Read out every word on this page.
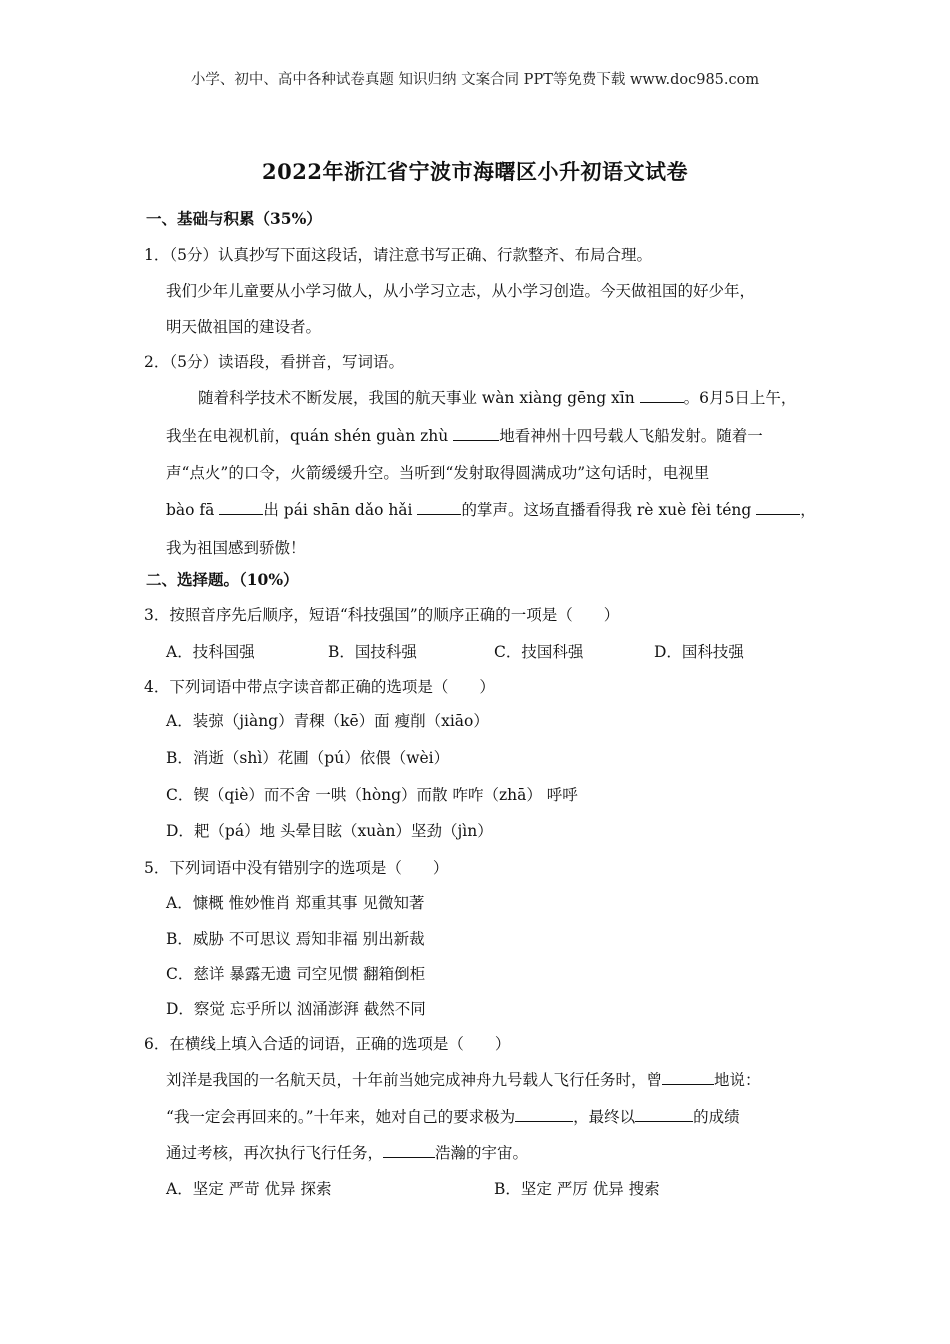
小学、初中、高中各种试卷真题 知识归纳 文案合同 PPT等免费下载 www.doc985.com
2022年浙江省宁波市海曙区小升初语文试卷
一、基础与积累（35%）
1．（5分）认真抄写下面这段话，请注意书写正确、行款整齐、布局合理。
我们少年儿童要从小学习做人，从小学习立志，从小学习创造。今天做祖国的好少年，
明天做祖国的建设者。
2．（5分）读语段，看拼音，写词语。
随着科学技术不断发展，我国的航天事业 wàn xiàng gēng xīn	。6月5日上午，
我坐在电视机前，quán shén guàn zhù	地看神州十四号载人飞船发射。随着一
声“点火”的口令，火箭缓缓升空。当听到“发射取得圆满成功”这句话时，电视里
bào fā	出 pái shān dǎo hǎi	的掌声。这场直播看得我 rè xuè fèi téng	，
我为祖国感到骄傲！
二、选择题。（10%）
3．按照音序先后顺序，短语“科技强国”的顺序正确的一项是（　　）
A．技科国强	B．国技科强	C．技国科强	D．国科技强
4．下列词语中带点字读音都正确的选项是（　　）
A．装弶（jiàng）青稞（kē）面 瘦削（xiāo）
B．消逝（shì）花圃（pú）依偎（wèi）
C．锲（qiè）而不舍 一哄（hòng）而散 咋咋（zhā） 呼呼
D．耙（pá）地 头晕目眩（xuàn）坚劲（jìn）
5．下列词语中没有错别字的选项是（　　）
A．慷概 惟妙惟肖 郑重其事 见微知著
B．威胁 不可思议 焉知非福 别出新裁
C．慈详 暴露无遗 司空见惯 翻箱倒柜
D．察觉 忘乎所以 汹涌澎湃 截然不同
6．在横线上填入合适的词语，正确的选项是（　　）
刘洋是我国的一名航天员，十年前当她完成神舟九号载人飞行任务时，曾	地说：
“我一定会再回来的。”十年来，她对自己的要求极为	，最终以	的成绩
通过考核，再次执行飞行任务，	浩瀚的宇宙。
A．坚定 严苛 优异 探索	B．坚定 严厉 优异 搜索
